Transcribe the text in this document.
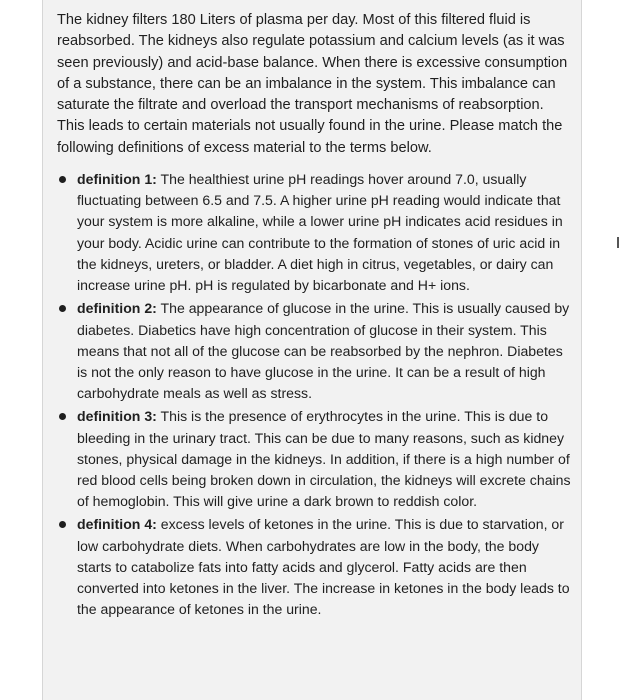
The kidney filters 180 Liters of plasma per day. Most of this filtered fluid is reabsorbed. The kidneys also regulate potassium and calcium levels (as it was seen previously) and acid-base balance. When there is excessive consumption of a substance, there can be an imbalance in the system. This imbalance can saturate the filtrate and overload the transport mechanisms of reabsorption. This leads to certain materials not usually found in the urine. Please match the following definitions of excess material to the terms below.

definition 1: The healthiest urine pH readings hover around 7.0, usually fluctuating between 6.5 and 7.5. A higher urine pH reading would indicate that your system is more alkaline, while a lower urine pH indicates acid residues in your body. Acidic urine can contribute to the formation of stones of uric acid in the kidneys, ureters, or bladder. A diet high in citrus, vegetables, or dairy can increase urine pH. pH is regulated by bicarbonate and H+ ions.
definition 2: The appearance of glucose in the urine. This is usually caused by diabetes. Diabetics have high concentration of glucose in their system. This means that not all of the glucose can be reabsorbed by the nephron. Diabetes is not the only reason to have glucose in the urine. It can be a result of high carbohydrate meals as well as stress.
definition 3: This is the presence of erythrocytes in the urine. This is due to bleeding in the urinary tract. This can be due to many reasons, such as kidney stones, physical damage in the kidneys. In addition, if there is a high number of red blood cells being broken down in circulation, the kidneys will excrete chains of hemoglobin. This will give urine a dark brown to reddish color.
definition 4: excess levels of ketones in the urine. This is due to starvation, or low carbohydrate diets. When carbohydrates are low in the body, the body starts to catabolize fats into fatty acids and glycerol. Fatty acids are then converted into ketones in the liver. The increase in ketones in the body leads to the appearance of ketones in the urine.
